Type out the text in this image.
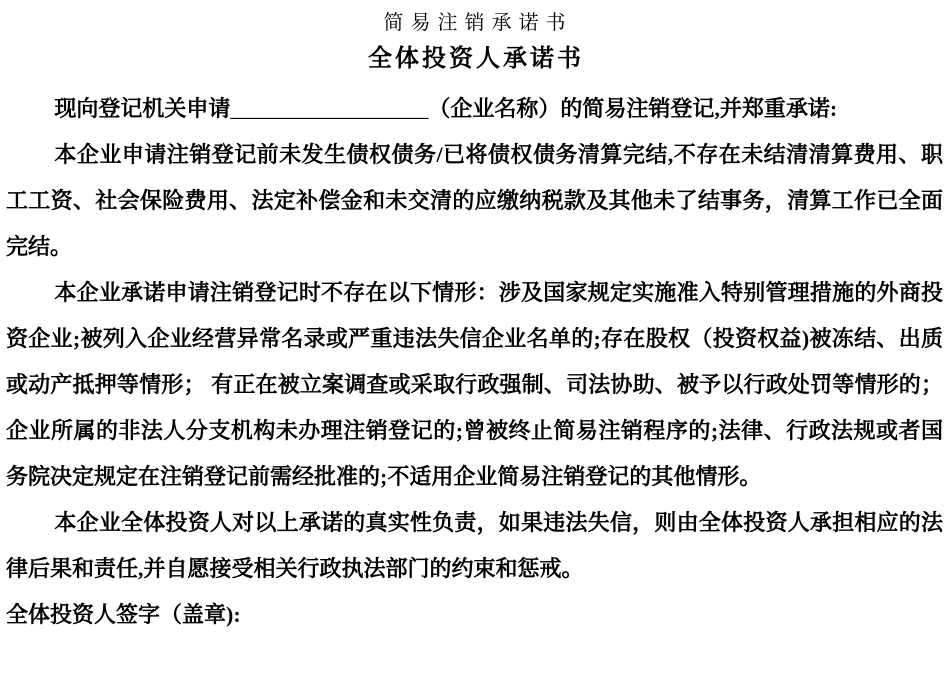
简易注销承诺书
全体投资人承诺书

现向登记机关申请__________________（企业名称）的简易注销登记,并郑重承诺:

本企业申请注销登记前未发生债权债务/已将债权债务清算完结,不存在未结清清算费用、职工工资、社会保险费用、法定补偿金和未交清的应缴纳税款及其他未了结事务，清算工作已全面完结。

本企业承诺申请注销登记时不存在以下情形：涉及国家规定实施准入特别管理措施的外商投资企业;被列入企业经营异常名录或严重违法失信企业名单的;存在股权（投资权益)被冻结、出质或动产抵押等情形； 有正在被立案调查或采取行政强制、司法协助、被予以行政处罚等情形的； 企业所属的非法人分支机构未办理注销登记的;曾被终止简易注销程序的;法律、行政法规或者国务院决定规定在注销登记前需经批准的;不适用企业简易注销登记的其他情形。

本企业全体投资人对以上承诺的真实性负责，如果违法失信，则由全体投资人承担相应的法律后果和责任,并自愿接受相关行政执法部门的约束和惩戒。

全体投资人签字（盖章):
